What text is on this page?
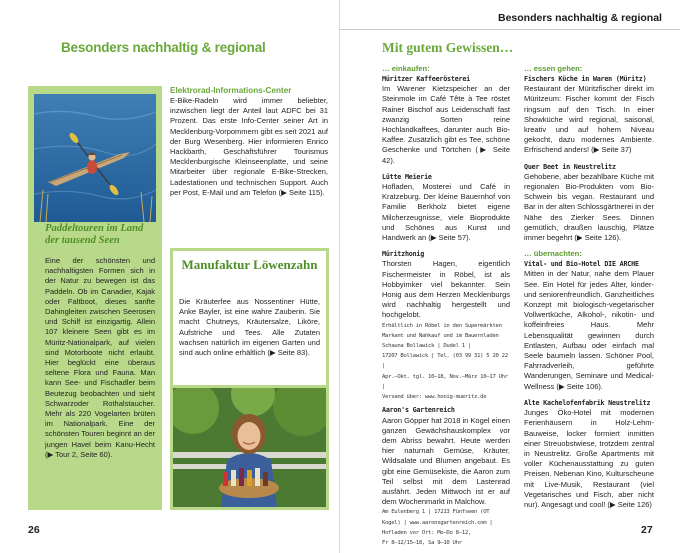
Besonders nachhaltig & regional
Paddeltouren im Land der tausend Seen
Eine der schönsten und nachhaltigsten Formen sich in der Natur zu bewegen ist das Paddeln. Ob im Canadier, Kajak oder Faltboot, dieses sanfte Dahingleiten zwischen Seerosen und Schilf ist einzigartig. Allein 107 kleinere Seen gibt es im Müritz-Nationalpark, auf vielen sind Motorboote nicht erlaubt. Hier beglückt eine überaus seltene Flora und Fauna. Man kann See- und Fischadler beim Beutezug beobachten und sieht Schwarzoder Rothalstaucher. Mehr als 220 Vogelarten brüten im Nationalpark. Eine der schönsten Touren beginnt an der jungen Havel beim Kanu-Hecht (▶ Tour 2, Seite 60).
Elektrorad-Informations-Center
E-Bike-Radeln wird immer beliebter, inzwischen liegt der Anteil laut ADFC bei 31 Prozent. Das erste Info-Center seiner Art in Mecklenburg-Vorpommern gibt es seit 2021 auf der Burg Wesenberg. Hier informieren Enrico Hackbarth, Geschäftsführer Tourismus Mecklenburgische Kleinseenplatte, und seine Mitarbeiter über regionale E-Bike-Strecken, Ladestationen und technischen Support. Auch per Post, E-Mail und am Telefon (▶ Seite 115).
Manufaktur Löwenzahn
Die Kräuterfee aus Nossentiner Hütte, Anke Bayler, ist eine wahre Zauberin. Sie macht Chutneys, Kräutersalze, Liköre, Aufstriche und Tees. Alle Zutaten wachsen natürlich im eigenen Garten und sind auch online erhältlich (▶ Seite 83).
26
Besonders nachhaltig & regional
Mit gutem Gewissen…
… einkaufen:
Müritzer Kaffeerösterei
Im Warener Kietzspeicher an der Steinmole im Café Tête à Tee röstet Rainer Bischof aus Leidenschaft fast zwanzig Sorten reine Hochlandkaffees, darunter auch Bio-Kaffee. Zusätzlich gibt es Tee, schöne Geschenke und Törtchen (▶ Seite 42).
Lütte Meierie
Hofladen, Mosterei und Café in Kratzeburg. Der kleine Bauernhof von Familie Berkholz bietet eigene Milcherzeugnisse, viele Bioprodukte und Schönes aus Kunst und Handwerk an (▶ Seite 57).
Müritzhonig
Thorsten Hagen, eigentlich Fischermeister in Röbel, ist als Hobbyimker viel bekannter. Sein Honig aus dem Herzen Mecklenburgs wird nachhaltig hergestellt und hochgelobt.
Erhältlich in Röbel in den Supermärkten
Markant und Nahkauf und im Bauernladen
Schauna Bollawick | Dudel 1 |
17207 Bollawick | Tel. (03 99 31) 5 20 22 |
Apr.–Okt. tgl. 10–18, Nov.–März 10–17 Uhr |
Versand über: www.honig-mueritz.de
Aaron's Gartenreich
Aaron Göpper hat 2018 in Kogel einen ganzen Gewächshauskomplex vor dem Abriss bewahrt. Heute werden hier naturnah Gemüse, Kräuter, Wildsalate und Blumen angebaut. Es gibt eine Gemüsekiste, die Aaron zum Teil selbst mit dem Lastenrad ausfährt. Jeden Mittwoch ist er auf dem Wochenmarkt in Malchow.
Am Eulenberg 1 | 17213 Fünfseen (OT
Kogel) | www.aaronsgartenreich.com |
Hofladen vor Ort: Mo–Do 8–12,
Fr 8–12/15–18, Sa 9–10 Uhr
… essen gehen:
Fischers Küche in Waren (Müritz)
Restaurant der Müritzfischer direkt im Müritzeum: Fischer kommt der Fisch ringsum auf den Tisch. In einer Showküche wird regional, saisonal, kreativ und auf hohem Niveau gekocht, dazu modernes Ambiente. Erfrischend anders! (▶ Seite 37)
Quer Beet in Neustrelitz
Gehobene, aber bezahlbare Küche mit regionalen Bio-Produkten vom Bio-Schwein bis vegan. Restaurant und Bar in der alten Schlossgärtnerei in der Nähe des Zierker Sees. Dinnen gemütlich, draußen lauschig, Plätze immer begehrt (▶ Seite 126).
… übernachten:
Vital- und Bio-Hotel DIE ARCHE
Mitten in der Natur, nahe dem Plauer See. Ein Hotel für jedes Alter, kinder- und seniorenfreundlich. Ganzheitliches Konzept mit biologisch-vegetarischer Vollwertküche, Alkohol-, nikotin- und koffeinfreies Haus. Mehr Lebensqualität gewinnen durch Entlasten, Aufbau oder einfach mal Seele baumeln lassen. Schöner Pool, Fahrradverleih, geführte Wanderungen, Seminare und Medical-Wellness (▶ Seite 106).
Alte Kachelofenfabrik Neustrelitz
Junges Öko-Hotel mit modernen Ferienhäusern in Holz-Lehm-Bauweise, locker formiert inmitten einer Streuobstwiese, trotzdem zentral in Neustrelitz. Große Apartments mit voller Küchenausstattung zu guten Preisen. Nebenan Kino, Kulturscheune mit Live-Musik, Restaurant (viel Vegetarisches und Fisch, aber nicht nur). Angesagt und cool! (▶ Seite 126)
27
